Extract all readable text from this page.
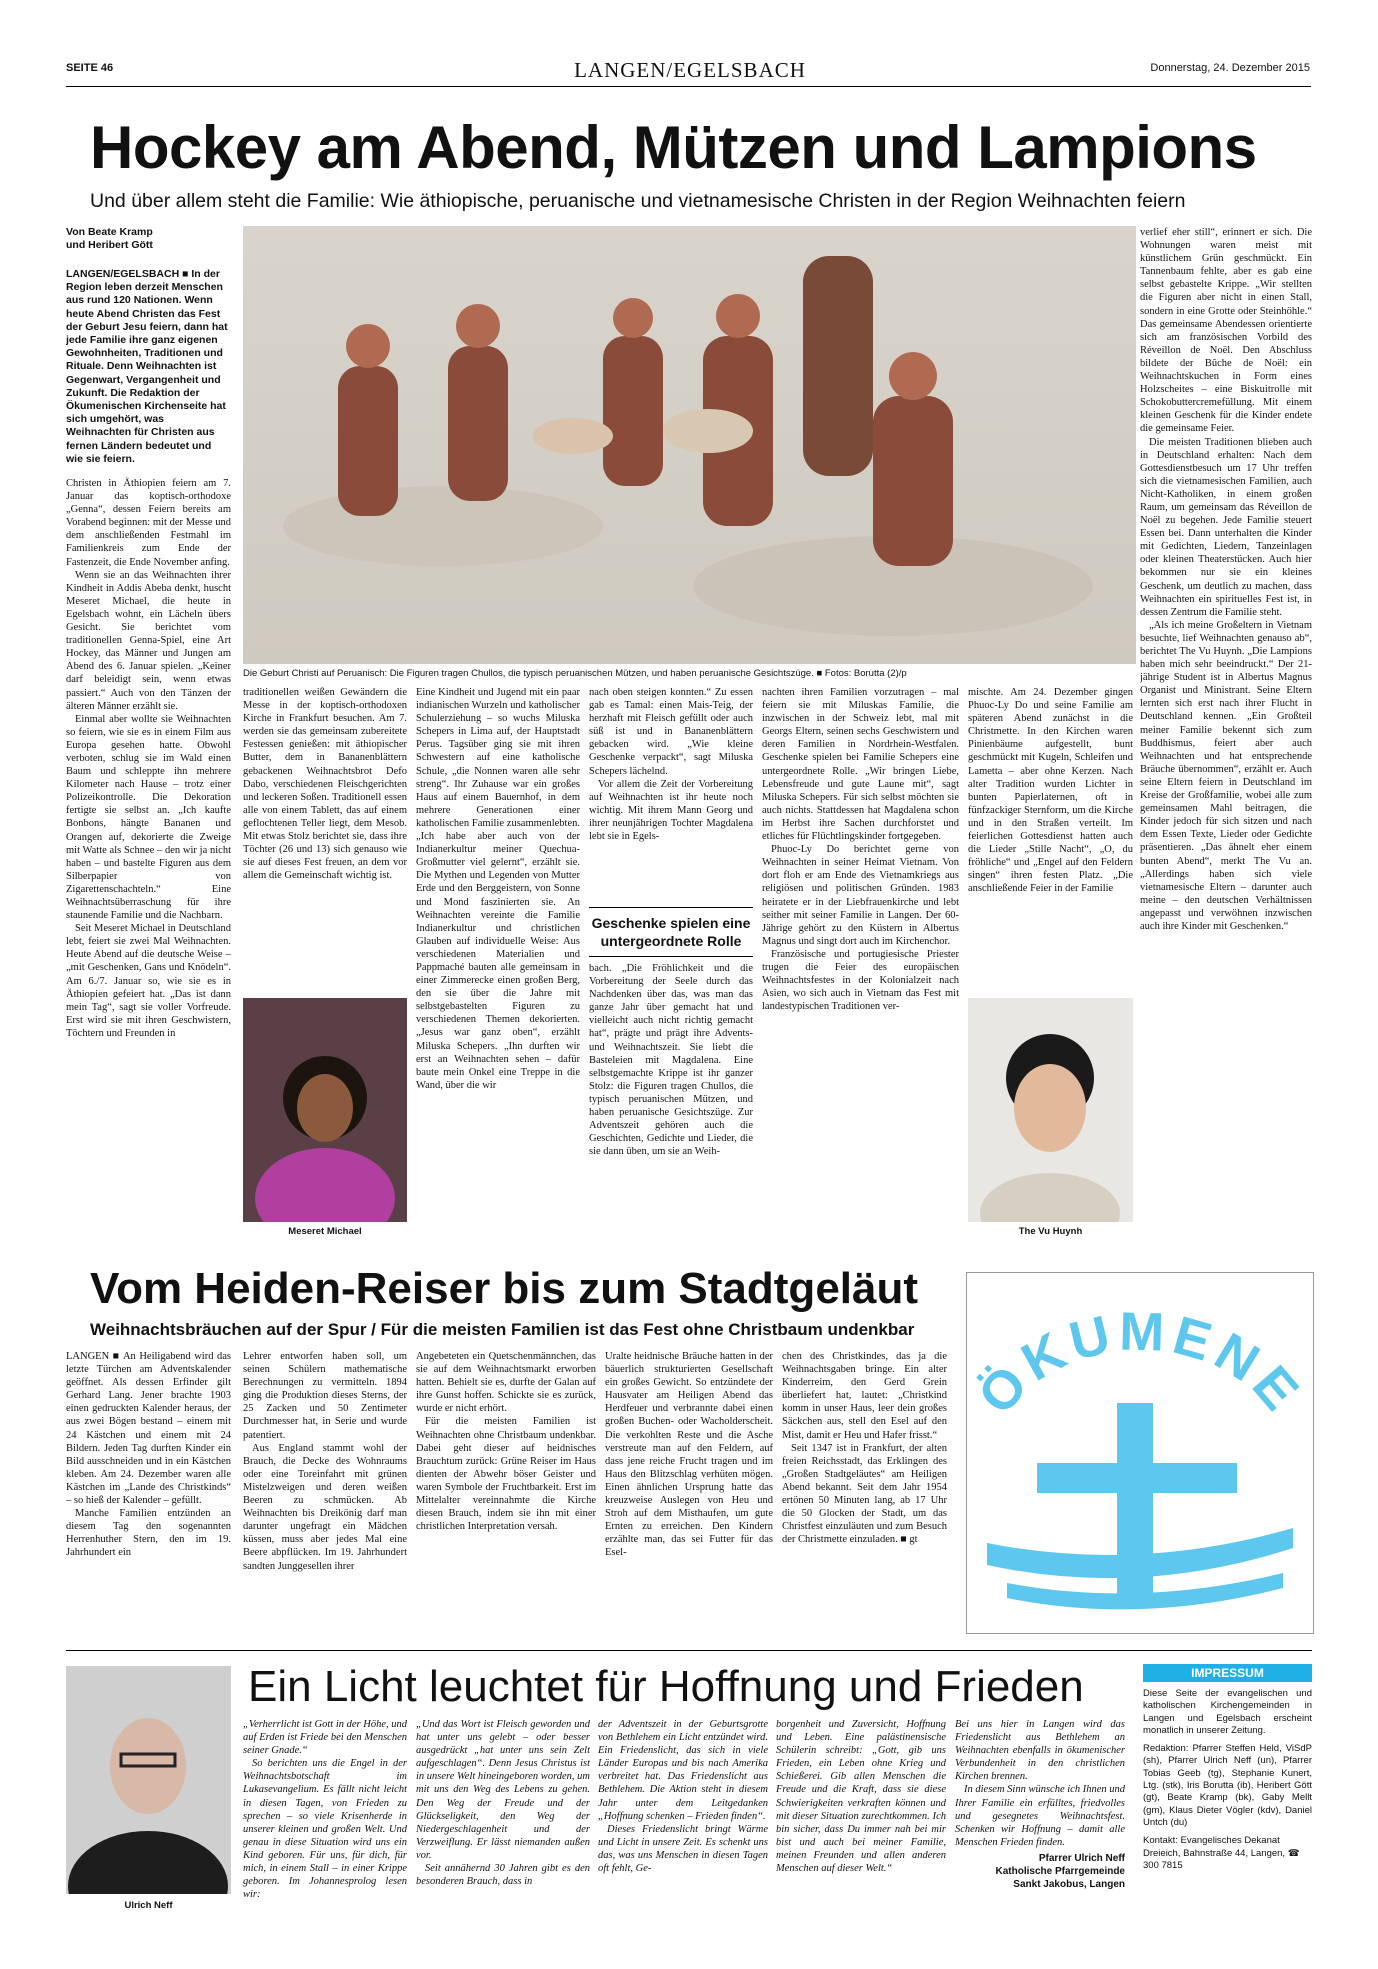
SEITE 46	LANGEN/EGELSBACH	Donnerstag, 24. Dezember 2015
Hockey am Abend, Mützen und Lampions
Und über allem steht die Familie: Wie äthiopische, peruanische und vietnamesische Christen in der Region Weihnachten feiern
Von Beate Kramp
und Heribert Gött
LANGEN/EGELSBACH ■ In der Region leben derzeit Menschen aus rund 120 Nationen. Wenn heute Abend Christen das Fest der Geburt Jesu feiern, dann hat jede Familie ihre ganz eigenen Gewohnheiten, Traditionen und Rituale. Denn Weihnachten ist Gegenwart, Vergangenheit und Zukunft. Die Redaktion der Ökumenischen Kirchenseite hat sich umgehört, was Weihnachten für Christen aus fernen Ländern bedeutet und wie sie feiern.

Christen in Äthiopien feiern am 7. Januar das koptisch-orthodoxe „Genna“, dessen Feiern bereits am Vorabend beginnen: mit der Messe und dem anschließenden Festmahl im Familienkreis zum Ende der Fastenzeit, die Ende November anfing.

Wenn sie an das Weihnachten ihrer Kindheit in Addis Abeba denkt, huscht Meseret Michael, die heute in Egelsbach wohnt, ein Lächeln übers Gesicht. Sie berichtet vom traditionellen Genna-Spiel, eine Art Hockey, das Männer und Jungen am Abend des 6. Januar spielen. „Keiner darf beleidigt sein, wenn etwas passiert.“ Auch von den Tänzen der älteren Männer erzählt sie.

Einmal aber wollte sie Weihnachten so feiern, wie sie es in einem Film aus Europa gesehen hatte. Obwohl verboten, schlug sie im Wald einen Baum und schleppte ihn mehrere Kilometer nach Hause – trotz einer Polizeikontrolle. Die Dekoration fertigte sie selbst an. „Ich kaufte Bonbons, hängte Bananen und Orangen auf, dekorierte die Zweige mit Watte als Schnee – den wir ja nicht haben – und bastelte Figuren aus dem Silberpapier von Zigarettenschachteln.“ Eine Weihnachtsüberraschung für ihre staunende Familie und die Nachbarn.

Seit Meseret Michael in Deutschland lebt, feiert sie zwei Mal Weihnachten. Heute Abend auf die deutsche Weise – „mit Geschenken, Gans und Knödeln“. Am 6./7. Januar so, wie sie es in Äthiopien gefeiert hat. „Das ist dann mein Tag“, sagt sie voller Vorfreude. Erst wird sie mit ihren Geschwistern, Töchtern und Freunden in

Die Geburt Christi auf Peruanisch: Die Figuren tragen Chullos, die typisch peruanischen Mützen, und haben peruanische Gesichtszüge. ■ Fotos: Borutta (2)/p

traditionellen weißen Gewändern die Messe in der koptisch-orthodoxen Kirche in Frankfurt besuchen. Am 7. werden sie das gemeinsam zubereitete Festessen genießen: mit äthiopischer Butter, dem in Bananenblättern gebackenen Weihnachtsbrot Defo Dabo, verschiedenen Fleischgerichten und leckeren Soßen. Traditionell essen alle von einem Tablett, das auf einem geflochtenen Teller liegt, dem Mesob. Mit etwas Stolz berichtet sie, dass ihre Töchter (26 und 13) sich genauso wie sie auf dieses Fest freuen, an dem vor allem die Gemeinschaft wichtig ist.

Meseret Michael

Eine Kindheit und Jugend mit ein paar indianischen Wurzeln und katholischer Schulerziehung – so wuchs Miluska Schepers in Lima auf, der Hauptstadt Perus. Tagsüber ging sie mit ihren Schwestern auf eine katholische Schule, „die Nonnen waren alle sehr streng“. Ihr Zuhause war ein großes Haus auf einem Bauernhof, in dem mehrere Generationen einer katholischen Familie zusammenlebten. „Ich habe aber auch von der Indianerkultur meiner Quechua-Großmutter viel gelernt“, erzählt sie. Die Mythen und Legenden von Mutter Erde und den Berggeistern, von Sonne und Mond faszinierten sie. An Weihnachten vereinte die Familie Indianerkultur und christlichen Glauben auf individuelle Weise: Aus verschiedenen Materialien und Pappmaché bauten alle gemeinsam in einer Zimmerecke einen großen Berg, den sie über die Jahre mit selbstgebastelten Figuren zu verschiedenen Themen dekorierten. „Jesus war ganz oben“, erzählt Miluska Schepers. „Ihn durften wir erst an Weihnachten sehen – dafür baute mein Onkel eine Treppe in die Wand, über die wir

nach oben steigen konnten.“ Zu essen gab es Tamal: einen Mais-Teig, der herzhaft mit Fleisch gefüllt oder auch süß ist und in Bananenblättern gebacken wird. „Wie kleine Geschenke verpackt“, sagt Miluska Schepers lächelnd.

Vor allem die Zeit der Vorbereitung auf Weihnachten ist ihr heute noch wichtig. Mit ihrem Mann Georg und ihrer neunjährigen Tochter Magdalena lebt sie in Egels-

Geschenke spielen eine untergeordnete Rolle

bach. „Die Fröhlichkeit und die Vorbereitung der Seele durch das Nachdenken über das, was man das ganze Jahr über gemacht hat und vielleicht auch nicht richtig gemacht hat“, prägte und prägt ihre Advents- und Weihnachtszeit. Sie liebt die Basteleien mit Magdalena. Eine selbstgemachte Krippe ist ihr ganzer Stolz: die Figuren tragen Chullos, die typisch peruanischen Mützen, und haben peruanische Gesichtszüge. Zur Adventszeit gehören auch die Geschichten, Gedichte und Lieder, die sie dann üben, um sie an Weih-

nachten ihren Familien vorzutragen – mal feiern sie mit Miluskas Familie, die inzwischen in der Schweiz lebt, mal mit Georgs Eltern, seinen sechs Geschwistern und deren Familien in Nordrhein-Westfalen. Geschenke spielen bei Familie Schepers eine untergeordnete Rolle. „Wir bringen Liebe, Lebensfreude und gute Laune mit“, sagt Miluska Schepers. Für sich selbst möchten sie auch nichts. Stattdessen hat Magdalena schon im Herbst ihre Sachen durchforstet und etliches für Flüchtlingskinder fortgegeben.

Phuoc-Ly Do berichtet gerne von Weihnachten in seiner Heimat Vietnam. Von dort floh er am Ende des Vietnamkriegs aus religiösen und politischen Gründen. 1983 heiratete er in der Liebfrauenkirche und lebt seither mit seiner Familie in Langen. Der 60-Jährige gehört zu den Küstern in Albertus Magnus und singt dort auch im Kirchenchor.

Französische und portugiesische Priester trugen die Feier des europäischen Weihnachtsfestes in der Kolonialzeit nach Asien, wo sich auch in Vietnam das Fest mit landestypischen Traditionen ver-

mischte. Am 24. Dezember gingen Phuoc-Ly Do und seine Familie am späteren Abend zunächst in die Christmette. In den Kirchen waren Pinienbäume aufgestellt, bunt geschmückt mit Kugeln, Schleifen und Lametta – aber ohne Kerzen. Nach alter Tradition wurden Lichter in bunten Papierlaternen, oft in fünfzackiger Sternform, um die Kirche und in den Straßen verteilt. Im feierlichen Gottesdienst hatten auch die Lieder „Stille Nacht“, „O, du fröhliche“ und „Engel auf den Feldern singen“ ihren festen Platz. „Die anschließende Feier in der Familie

The Vu Huynh

verlief eher still“, erinnert er sich. Die Wohnungen waren meist mit künstlichem Grün geschmückt. Ein Tannenbaum fehlte, aber es gab eine selbst gebastelte Krippe. „Wir stellten die Figuren aber nicht in einen Stall, sondern in eine Grotte oder Steinhöhle.“ Das gemeinsame Abendessen orientierte sich am französischen Vorbild des Réveillon de Noël. Den Abschluss bildete der Bûche de Noël: ein Weihnachtskuchen in Form eines Holzscheites – eine Biskuitrolle mit Schokobuttercremefüllung. Mit einem kleinen Geschenk für die Kinder endete die gemeinsame Feier.

Die meisten Traditionen blieben auch in Deutschland erhalten: Nach dem Gottesdienstbesuch um 17 Uhr treffen sich die vietnamesischen Familien, auch Nicht-Katholiken, in einem großen Raum, um gemeinsam das Réveillon de Noël zu begehen. Jede Familie steuert Essen bei. Dann unterhalten die Kinder mit Gedichten, Liedern, Tanzeinlagen oder kleinen Theaterstücken. Auch hier bekommen nur sie ein kleines Geschenk, um deutlich zu machen, dass Weihnachten ein spirituelles Fest ist, in dessen Zentrum die Familie steht.

„Als ich meine Großeltern in Vietnam besuchte, lief Weihnachten genauso ab“, berichtet The Vu Huynh. „Die Lampions haben mich sehr beeindruckt.“ Der 21-jährige Student ist in Albertus Magnus Organist und Ministrant. Seine Eltern lernten sich erst nach ihrer Flucht in Deutschland kennen. „Ein Großteil meiner Familie bekennt sich zum Buddhismus, feiert aber auch Weihnachten und hat entsprechende Bräuche übernommen“, erzählt er. Auch seine Eltern feiern in Deutschland im Kreise der Großfamilie, wobei alle zum gemeinsamen Mahl beitragen, die Kinder jedoch für sich sitzen und nach dem Essen Texte, Lieder oder Gedichte präsentieren. „Das ähnelt eher einem bunten Abend“, merkt The Vu an. „Allerdings haben sich viele vietnamesische Eltern – darunter auch meine – den deutschen Verhältnissen angepasst und verwöhnen inzwischen auch ihre Kinder mit Geschenken.“

Vom Heiden-Reiser bis zum Stadtgeläut
Weihnachtsbräuchen auf der Spur / Für die meisten Familien ist das Fest ohne Christbaum undenkbar

LANGEN ■ An Heiligabend wird das letzte Türchen am Adventskalender geöffnet. Als dessen Erfinder gilt Gerhard Lang. Jener brachte 1903 einen gedruckten Kalender heraus, der aus zwei Bögen bestand – einem mit 24 Kästchen und einem mit 24 Bildern. Jeden Tag durften Kinder ein Bild ausschneiden und in ein Kästchen kleben. Am 24. Dezember waren alle Kästchen im „Lande des Christkinds“ – so hieß der Kalender – gefüllt.

Manche Familien entzünden an diesem Tag den sogenannten Herrenhuther Stern, den im 19. Jahrhundert ein

Lehrer entworfen haben soll, um seinen Schülern mathematische Berechnungen zu vermitteln. 1894 ging die Produktion dieses Sterns, der 25 Zacken und 50 Zentimeter Durchmesser hat, in Serie und wurde patentiert.

Aus England stammt wohl der Brauch, die Decke des Wohnraums oder eine Toreinfahrt mit grünen Mistelzweigen und deren weißen Beeren zu schmücken. Ab Weihnachten bis Dreikönig darf man darunter ungefragt ein Mädchen küssen, muss aber jedes Mal eine Beere abpflücken. Im 19. Jahrhundert sandten Junggesellen ihrer

Angebeteten ein Quetschenmännchen, das sie auf dem Weihnachtsmarkt erworben hatten. Behielt sie es, durfte der Galan auf ihre Gunst hoffen. Schickte sie es zurück, wurde er nicht erhört.

Für die meisten Familien ist Weihnachten ohne Christbaum undenkbar. Dabei geht dieser auf heidnisches Brauchtum zurück: Grüne Reiser im Haus dienten der Abwehr böser Geister und waren Symbole der Fruchtbarkeit. Erst im Mittelalter vereinnahmte die Kirche diesen Brauch, indem sie ihn mit einer christlichen Interpretation versah.

Uralte heidnische Bräuche hatten in der bäuerlich strukturierten Gesellschaft ein großes Gewicht. So entzündete der Hausvater am Heiligen Abend das Herdfeuer und verbrannte dabei einen großen Buchen- oder Wacholderscheit. Die verkohlten Reste und die Asche verstreute man auf den Feldern, auf dass jene reiche Frucht tragen und im Haus den Blitzschlag verhüten mögen. Einen ähnlichen Ursprung hatte das kreuzweise Auslegen von Heu und Stroh auf dem Misthaufen, um gute Ernten zu erreichen. Den Kindern erzählte man, das sei Futter für das Esel-

chen des Christkindes, das ja die Weihnachtsgaben bringe. Ein alter Kinderreim, den Gerd Grein überliefert hat, lautet: „Christkind komm in unser Haus, leer dein großes Säckchen aus, stell den Esel auf den Mist, damit er Heu und Hafer frisst.“

Seit 1347 ist in Frankfurt, der alten freien Reichsstadt, das Erklingen des „Großen Stadtgeläutes“ am Heiligen Abend bekannt. Seit dem Jahr 1954 ertönen 50 Minuten lang, ab 17 Uhr die 50 Glocken der Stadt, um das Christfest einzuläuten und zum Besuch der Christmette einzuladen. ■ gt

ÖKUMENE
Ulrich Neff
Ein Licht leuchtet für Hoffnung und Frieden

„Verherrlicht ist Gott in der Höhe, und auf Erden ist Friede bei den Menschen seiner Gnade.“

So berichten uns die Engel in der Weihnachtsbotschaft im Lukasevangelium. Es fällt nicht leicht in diesen Tagen, von Frieden zu sprechen – so viele Krisenherde in unserer kleinen und großen Welt. Und genau in diese Situation wird uns ein Kind geboren. Für uns, für dich, für mich, in einem Stall – in einer Krippe geboren. Im Johannesprolog lesen wir:

„Und das Wort ist Fleisch geworden und hat unter uns gelebt – oder besser ausgedrückt „hat unter uns sein Zelt aufgeschlagen“. Denn Jesus Christus ist in unsere Welt hineingeboren worden, um mit uns den Weg des Lebens zu gehen. Den Weg der Freude und der Glückseligkeit, den Weg der Niedergeschlagenheit und der Verzweiflung. Er lässt niemanden außen vor.

Seit annähernd 30 Jahren gibt es den besonderen Brauch, dass in

der Adventszeit in der Geburtsgrotte von Bethlehem ein Licht entzündet wird. Ein Friedenslicht, das sich in viele Länder Europas und bis nach Amerika verbreitet hat. Das Friedenslicht aus Bethlehem. Die Aktion steht in diesem Jahr unter dem Leitgedanken „Hoffnung schenken – Frieden finden“.

Dieses Friedenslicht bringt Wärme und Licht in unsere Zeit. Es schenkt uns das, was uns Menschen in diesen Tagen oft fehlt, Ge-

borgenheit und Zuversicht, Hoffnung und Leben. Eine palästinensische Schülerin schreibt: „Gott, gib uns Frieden, ein Leben ohne Krieg und Schießerei. Gib allen Menschen die Freude und die Kraft, dass sie diese Schwierigkeiten verkraften können und mit dieser Situation zurechtkommen. Ich bin sicher, dass Du immer nah bei mir bist und auch bei meiner Familie, meinen Freunden und allen anderen Menschen auf dieser Welt.“

Bei uns hier in Langen wird das Friedenslicht aus Bethlehem an Weihnachten ebenfalls in ökumenischer Verbundenheit in den christlichen Kirchen brennen.

In diesem Sinn wünsche ich Ihnen und Ihrer Familie ein erfülltes, friedvolles und gesegnetes Weihnachtsfest. Schenken wir Hoffnung – damit alle Menschen Frieden finden.

Pfarrer Ulrich Neff
Katholische Pfarrgemeinde
Sankt Jakobus, Langen
IMPRESSUM
Diese Seite der evangelischen und katholischen Kirchengemeinden in Langen und Egelsbach erscheint monatlich in unserer Zeitung.
Redaktion: Pfarrer Steffen Held, ViSdP (sh), Pfarrer Ulrich Neff (un), Pfarrer Tobias Geeb (tg), Stephanie Kunert, Ltg. (stk), Iris Borutta (ib), Heribert Gött (gt), Beate Kramp (bk), Gaby Mellt (gm), Klaus Dieter Vögler (kdv), Daniel Untch (du)
Kontakt: Evangelisches Dekanat Dreieich, Bahnstraße 44, Langen, ☎ 300 7815
